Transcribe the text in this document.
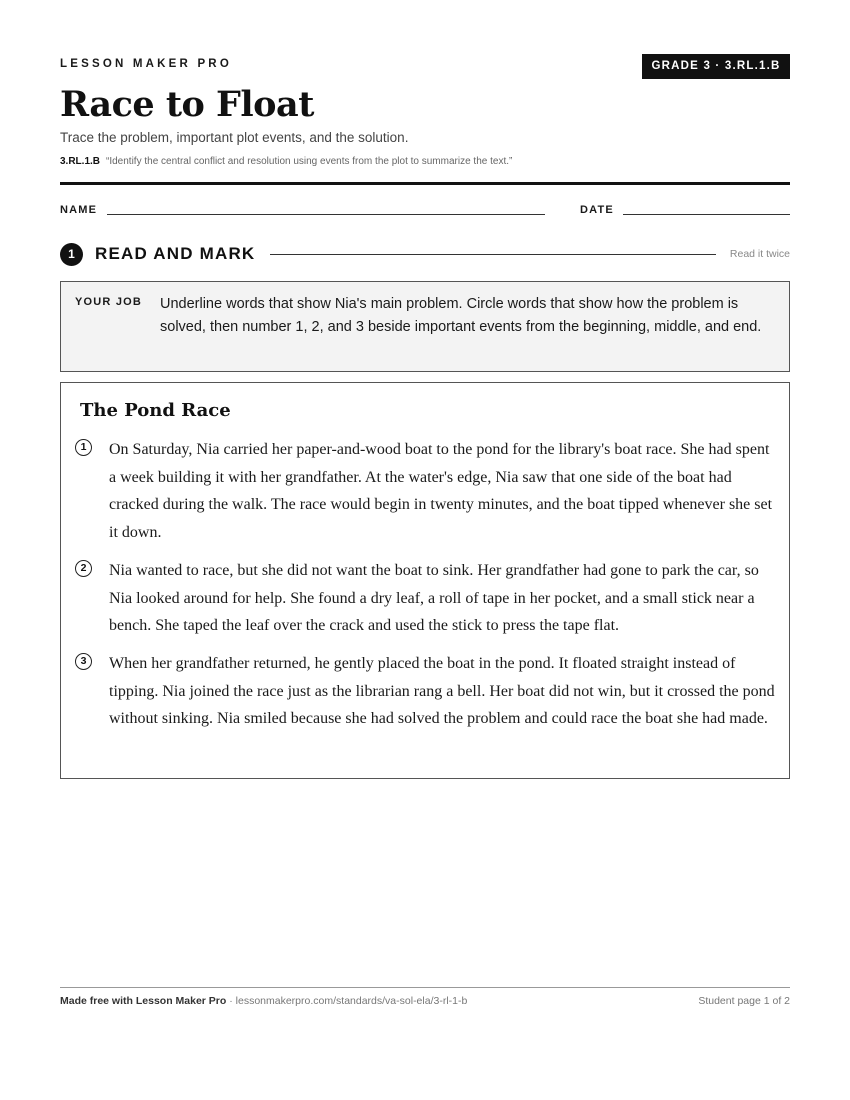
LESSON MAKER PRO	GRADE 3 · 3.RL.1.B
Race to Float
Trace the problem, important plot events, and the solution.
3.RL.1.B “Identify the central conflict and resolution using events from the plot to summarize the text.”
NAME	DATE
1	READ AND MARK	Read it twice
YOUR JOB Underline words that show Nia's main problem. Circle words that show how the problem is solved, then number 1, 2, and 3 beside important events from the beginning, middle, and end.
The Pond Race
1	On Saturday, Nia carried her paper-and-wood boat to the pond for the library's boat race. She had spent a week building it with her grandfather. At the water's edge, Nia saw that one side of the boat had cracked during the walk. The race would begin in twenty minutes, and the boat tipped whenever she set it down.

2	Nia wanted to race, but she did not want the boat to sink. Her grandfather had gone to park the car, so Nia looked around for help. She found a dry leaf, a roll of tape in her pocket, and a small stick near a bench. She taped the leaf over the crack and used the stick to press the tape flat.

3	When her grandfather returned, he gently placed the boat in the pond. It floated straight instead of tipping. Nia joined the race just as the librarian rang a bell. Her boat did not win, but it crossed the pond without sinking. Nia smiled because she had solved the problem and could race the boat she had made.

Made free with Lesson Maker Pro · lessonmakerpro.com/standards/va-sol-ela/3-rl-1-b	Student page 1 of 2
